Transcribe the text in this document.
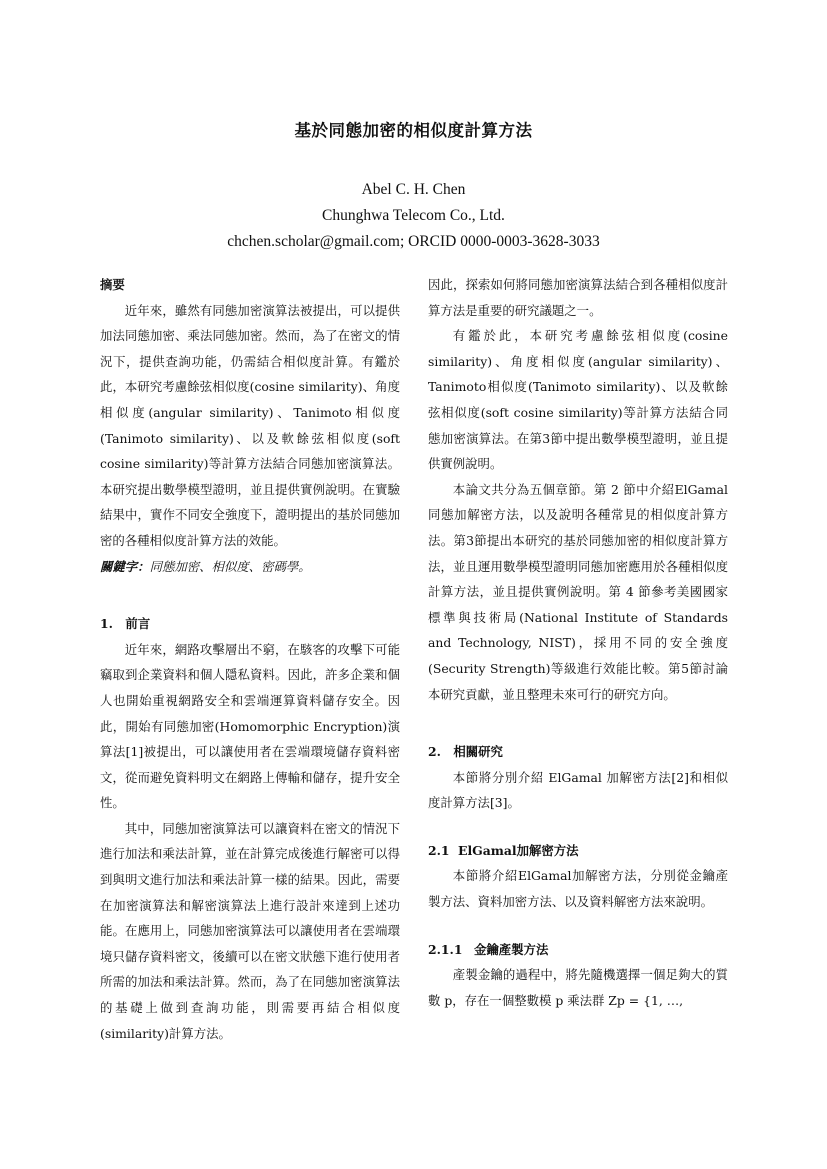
基於同態加密的相似度計算方法
Abel C. H. Chen
Chunghwa Telecom Co., Ltd.
chchen.scholar@gmail.com; ORCID 0000-0003-3628-3033

摘要

近年來，雖然有同態加密演算法被提出，可以提供加法同態加密、乘法同態加密。然而，為了在密文的情況下，提供查詢功能，仍需結合相似度計算。有鑑於此，本研究考慮餘弦相似度(cosine similarity)、角度相似度(angular similarity)、Tanimoto相似度(Tanimoto similarity)、以及軟餘弦相似度(soft cosine similarity)等計算方法結合同態加密演算法。本研究提出數學模型證明，並且提供實例說明。在實驗結果中，實作不同安全強度下，證明提出的基於同態加密的各種相似度計算方法的效能。

關鍵字：同態加密、相似度、密碼學。

1.　前言

近年來，網路攻擊層出不窮，在駭客的攻擊下可能竊取到企業資料和個人隱私資料。因此，許多企業和個人也開始重視網路安全和雲端運算資料儲存安全。因此，開始有同態加密(Homomorphic Encryption)演算法[1]被提出，可以讓使用者在雲端環境儲存資料密文，從而避免資料明文在網路上傳輸和儲存，提升安全性。

其中，同態加密演算法可以讓資料在密文的情況下進行加法和乘法計算，並在計算完成後進行解密可以得到與明文進行加法和乘法計算一樣的結果。因此，需要在加密演算法和解密演算法上進行設計來達到上述功能。在應用上，同態加密演算法可以讓使用者在雲端環境只儲存資料密文，後續可以在密文狀態下進行使用者所需的加法和乘法計算。然而，為了在同態加密演算法的基礎上做到查詢功能，則需要再結合相似度(similarity)計算方法。

因此，探索如何將同態加密演算法結合到各種相似度計算方法是重要的研究議題之一。

有鑑於此，本研究考慮餘弦相似度(cosine similarity)、角度相似度(angular similarity)、Tanimoto相似度(Tanimoto similarity)、以及軟餘弦相似度(soft cosine similarity)等計算方法結合同態加密演算法。在第3節中提出數學模型證明，並且提供實例說明。

本論文共分為五個章節。第 2 節中介紹ElGamal同態加解密方法，以及說明各種常見的相似度計算方法。第3節提出本研究的基於同態加密的相似度計算方法，並且運用數學模型證明同態加密應用於各種相似度計算方法，並且提供實例說明。第 4 節參考美國國家標準與技術局(National Institute of Standards and Technology, NIST)，採用不同的安全強度(Security Strength)等級進行效能比較。第5節討論本研究貢獻，並且整理未來可行的研究方向。

2.　相關研究

本節將分別介紹 ElGamal 加解密方法[2]和相似度計算方法[3]。

2.1 ElGamal加解密方法

本節將介紹ElGamal加解密方法，分別從金鑰產製方法、資料加密方法、以及資料解密方法來說明。

2.1.1 金鑰產製方法

產製金鑰的過程中，將先隨機選擇一個足夠大的質數 p，存在一個整數模 p 乘法群 Zp = {1, …,
